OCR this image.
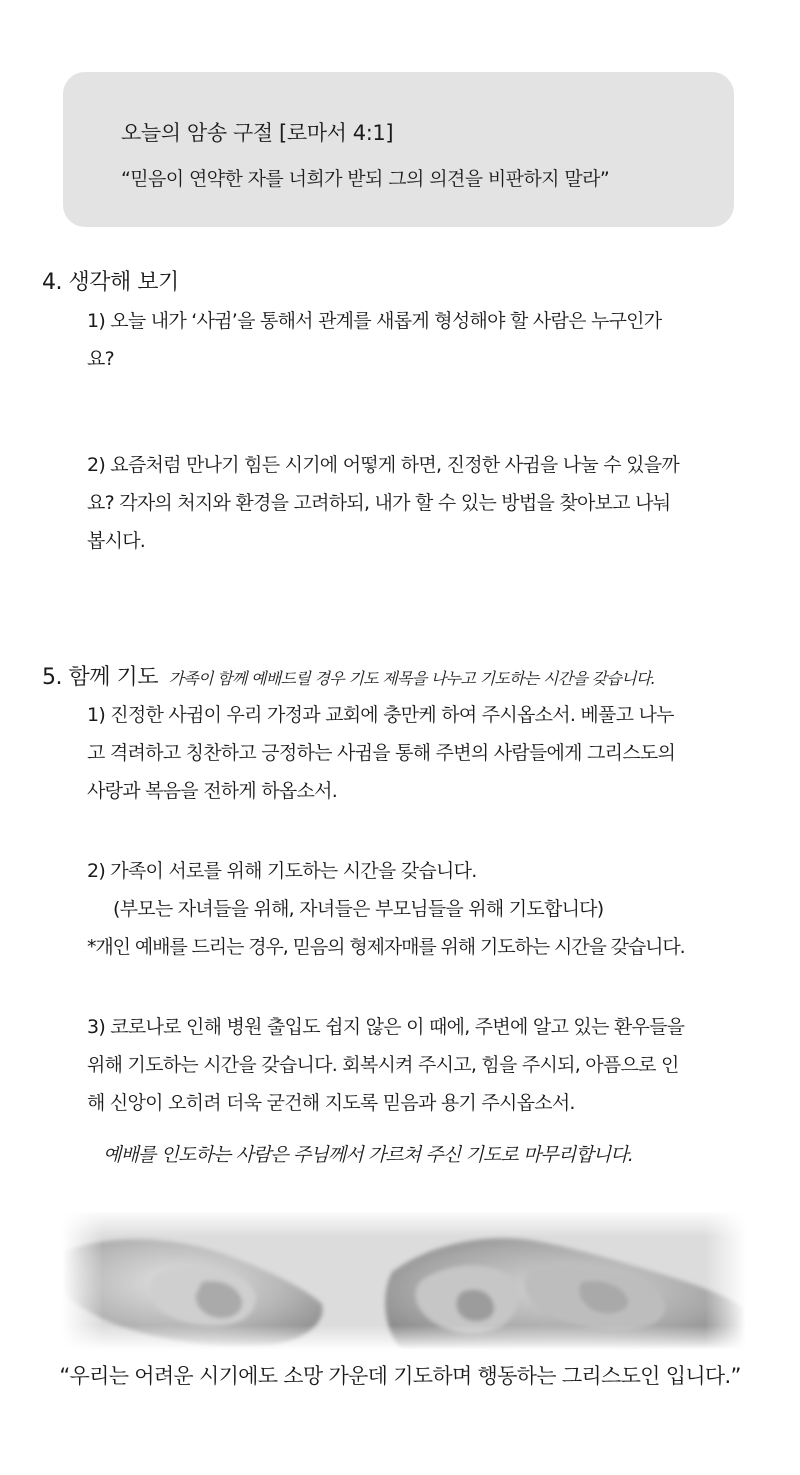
오늘의 암송 구절 [로마서 4:1]

“믿음이 연약한 자를 너희가 받되 그의 의견을 비판하지 말라”

4. 생각해 보기

1) 오늘 내가 ‘사귐’을 통해서 관계를 새롭게 형성해야 할 사람은 누구인가
요?

2) 요즘처럼 만나기 힘든 시기에 어떻게 하면, 진정한 사귐을 나눌 수 있을까
요? 각자의 처지와 환경을 고려하되, 내가 할 수 있는 방법을 찾아보고 나눠
봅시다.

5. 함께 기도 가족이 함께 예배드릴 경우 기도 제목을 나누고 기도하는 시간을 갖습니다.

1) 진정한 사귐이 우리 가정과 교회에 충만케 하여 주시옵소서. 베풀고 나누
고 격려하고 칭찬하고 긍정하는 사귐을 통해 주변의 사람들에게 그리스도의
사랑과 복음을 전하게 하옵소서.

2) 가족이 서로를 위해 기도하는 시간을 갖습니다.

(부모는 자녀들을 위해, 자녀들은 부모님들을 위해 기도합니다)

*개인 예배를 드리는 경우, 믿음의 형제자매를 위해 기도하는 시간을 갖습니다.

3) 코로나로 인해 병원 출입도 쉽지 않은 이 때에, 주변에 알고 있는 환우들을
위해 기도하는 시간을 갖습니다. 회복시켜 주시고, 힘을 주시되, 아픔으로 인
해 신앙이 오히려 더욱 굳건해 지도록 믿음과 용기 주시옵소서.

예배를 인도하는 사람은 주님께서 가르쳐 주신 기도로 마무리합니다.

“우리는 어려운 시기에도 소망 가운데 기도하며 행동하는 그리스도인 입니다.”
